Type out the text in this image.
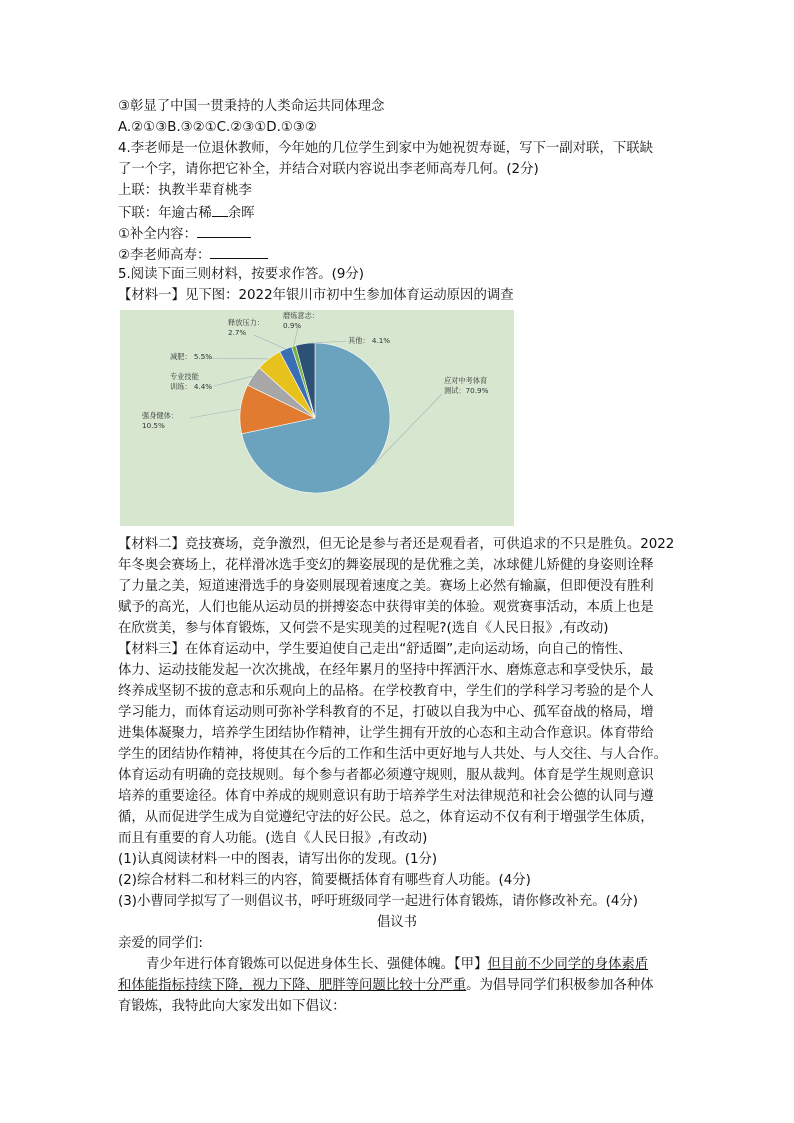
③彰显了中国一贯秉持的人类命运共同体理念
A.②①③B.③②①C.②③①D.①③②
4.李老师是一位退休教师，今年她的几位学生到家中为她祝贺寿诞，写下一副对联，下联缺
了一个字，请你把它补全，并结合对联内容说出李老师高寿几何。(2分)
上联：执教半辈育桃李
下联：年逾古稀 余晖
①补全内容：
②李老师高寿：
5.阅读下面三则材料，按要求作答。(9分)
【材料一】见下图：2022年银川市初中生参加体育运动原因的调查
应对中考体育测试：70.9%
强身健体： 10.5%
专业技能训练： 4.4%
减肥： 5.5%
释放压力： 2.7%
磨炼意志： 0.9%
其他： 4.1%
【材料二】竞技赛场，竞争激烈，但无论是参与者还是观看者，可供追求的不只是胜负。2022
年冬奥会赛场上，花样滑冰选手变幻的舞姿展现的是优雅之美，冰球健儿矫健的身姿则诠释
了力量之美，短道速滑选手的身姿则展现着速度之美。赛场上必然有输赢，但即便没有胜利
赋予的高光，人们也能从运动员的拼搏姿态中获得审美的体验。观赏赛事活动，本质上也是
在欣赏美，参与体育锻炼，又何尝不是实现美的过程呢?(选自《人民日报》,有改动)
【材料三】在体育运动中，学生要迫使自己走出“舒适圈”,走向运动场，向自己的惰性、
体力、运动技能发起一次次挑战，在经年累月的坚持中挥洒汗水、磨炼意志和享受快乐，最
终养成坚韧不拔的意志和乐观向上的品格。在学校教育中，学生们的学科学习考验的是个人
学习能力，而体育运动则可弥补学科教育的不足，打破以自我为中心、孤军奋战的格局，增
进集体凝聚力，培养学生团结协作精神，让学生拥有开放的心态和主动合作意识。体育带给
学生的团结协作精神，将使其在今后的工作和生活中更好地与人共处、与人交往、与人合作。
体育运动有明确的竞技规则。每个参与者都必须遵守规则，服从裁判。体育是学生规则意识
培养的重要途径。体育中养成的规则意识有助于培养学生对法律规范和社会公德的认同与遵
循，从而促进学生成为自觉遵纪守法的好公民。总之，体育运动不仅有利于增强学生体质，
而且有重要的育人功能。(选自《人民日报》,有改动)
(1)认真阅读材料一中的图表，请写出你的发现。(1分)
(2)综合材料二和材料三的内容，简要概括体育有哪些育人功能。(4分)
(3)小曹同学拟写了一则倡议书，呼吁班级同学一起进行体育锻炼，请你修改补充。(4分)
倡议书
亲爱的同学们:
青少年进行体育锻炼可以促进身体生长、强健体魄。【甲】但目前不少同学的身体素盾
和体能指标持续下降，视力下降、肥胖等问题比较十分严重。为倡导同学们积极参加各种体
育锻炼，我特此向大家发出如下倡议：
